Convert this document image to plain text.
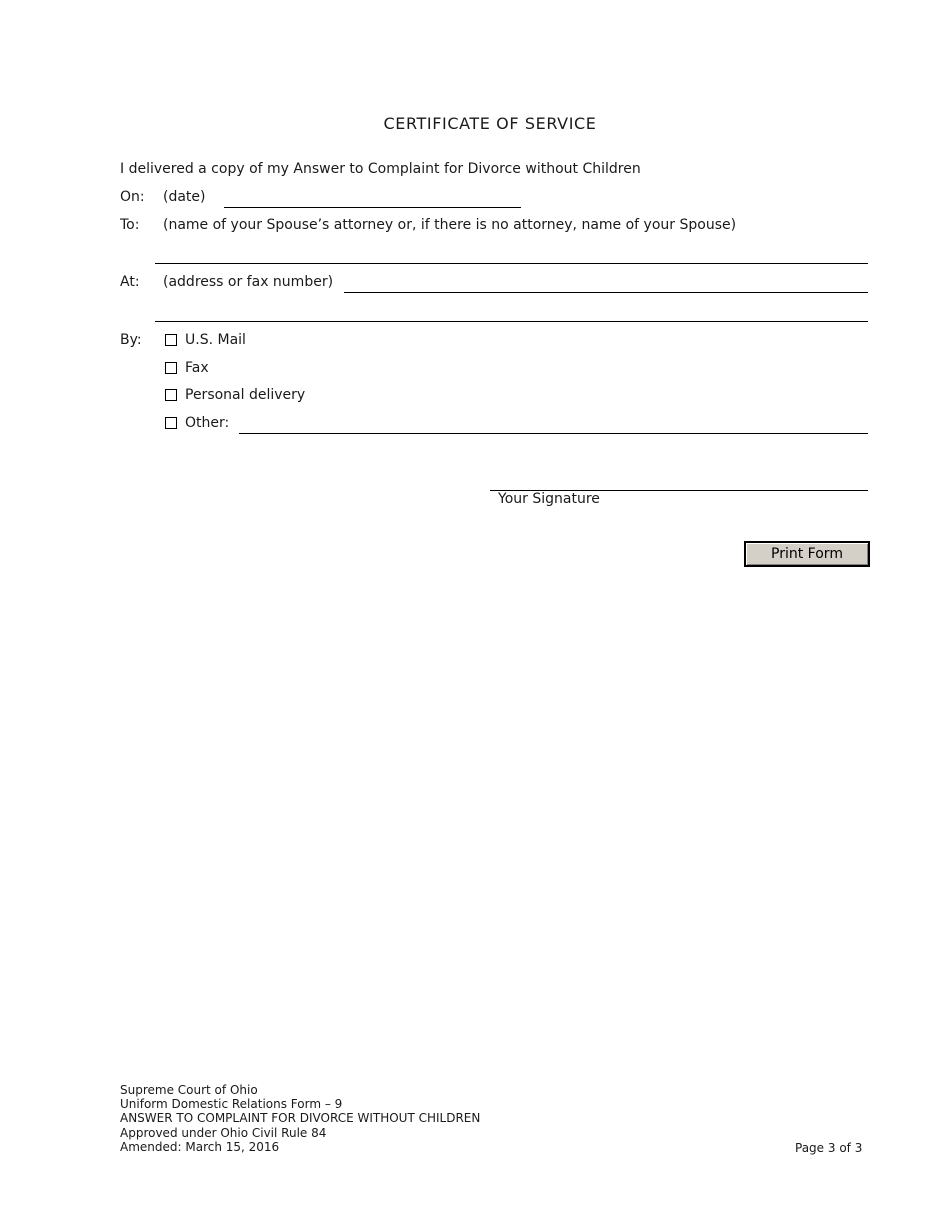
CERTIFICATE OF SERVICE
I delivered a copy of my Answer to Complaint for Divorce without Children
On: (date)
To: (name of your Spouse’s attorney or, if there is no attorney, name of your Spouse)
At: (address or fax number)
By:	U.S. Mail
Fax
Personal delivery
Other:
Your Signature
Print Form
Supreme Court of Ohio
Uniform Domestic Relations Form – 9
ANSWER TO COMPLAINT FOR DIVORCE WITHOUT CHILDREN
Approved under Ohio Civil Rule 84
Amended: March 15, 2016	Page 3 of 3
